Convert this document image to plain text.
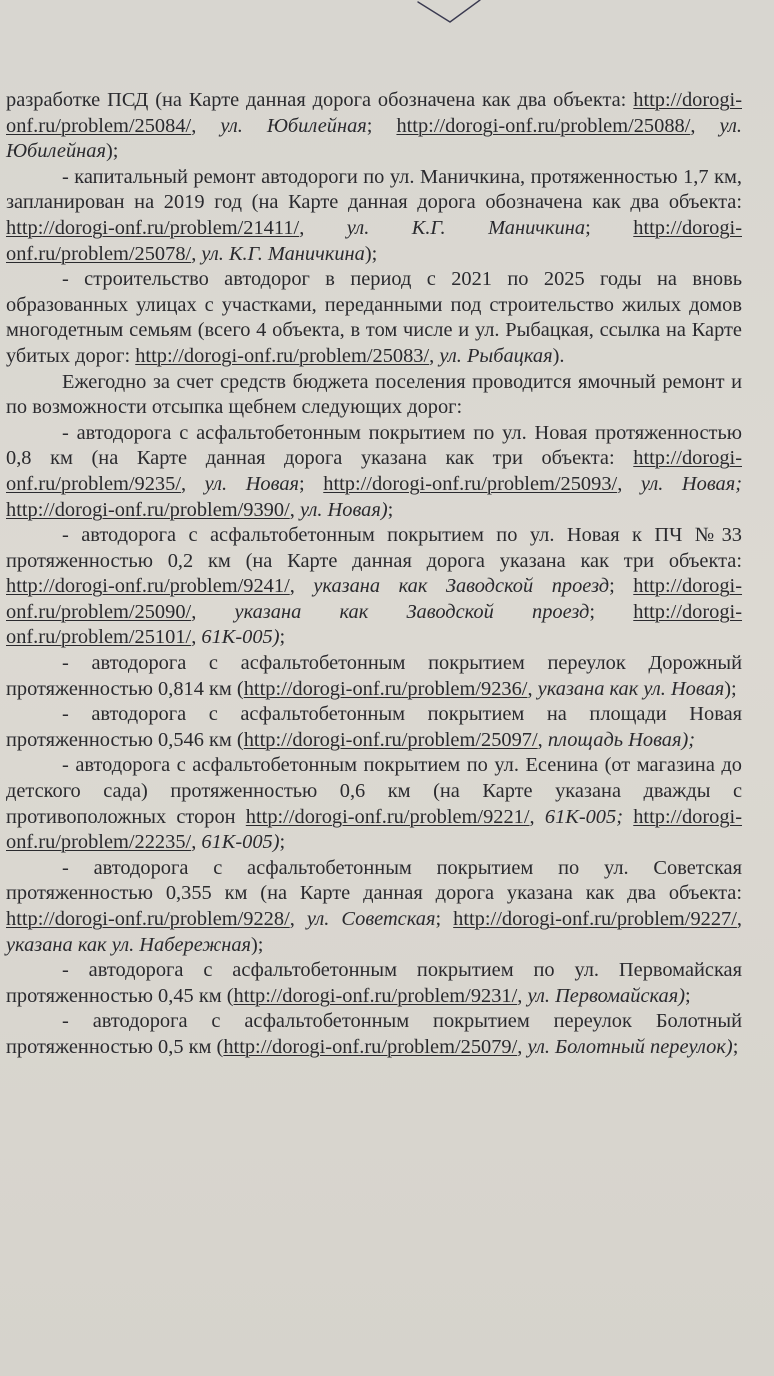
разработке ПСД (на Карте данная дорога обозначена как два объекта: http://dorogi-onf.ru/problem/25084/, ул. Юбилейная; http://dorogi-onf.ru/problem/25088/, ул. Юбилейная);

- капитальный ремонт автодороги по ул. Маничкина, протяженностью 1,7 км, запланирован на 2019 год (на Карте данная дорога обозначена как два объекта: http://dorogi-onf.ru/problem/21411/, ул. К.Г. Маничкина; http://dorogi-onf.ru/problem/25078/, ул. К.Г. Маничкина);

- строительство автодорог в период с 2021 по 2025 годы на вновь образованных улицах с участками, переданными под строительство жилых домов многодетным семьям (всего 4 объекта, в том числе и ул. Рыбацкая, ссылка на Карте убитых дорог: http://dorogi-onf.ru/problem/25083/, ул. Рыбацкая).

Ежегодно за счет средств бюджета поселения проводится ямочный ремонт и по возможности отсыпка щебнем следующих дорог:

- автодорога с асфальтобетонным покрытием по ул. Новая протяженностью 0,8 км (на Карте данная дорога указана как три объекта: http://dorogi-onf.ru/problem/9235/, ул. Новая; http://dorogi-onf.ru/problem/25093/, ул. Новая; http://dorogi-onf.ru/problem/9390/, ул. Новая);

- автодорога с асфальтобетонным покрытием по ул. Новая к ПЧ №33 протяженностью 0,2 км (на Карте данная дорога указана как три объекта: http://dorogi-onf.ru/problem/9241/, указана как Заводской проезд; http://dorogi-onf.ru/problem/25090/, указана как Заводской проезд; http://dorogi-onf.ru/problem/25101/, 61К-005);

- автодорога с асфальтобетонным покрытием переулок Дорожный протяженностью 0,814 км (http://dorogi-onf.ru/problem/9236/, указана как ул. Новая);

- автодорога с асфальтобетонным покрытием на площади Новая протяженностью 0,546 км (http://dorogi-onf.ru/problem/25097/, площадь Новая);

- автодорога с асфальтобетонным покрытием по ул. Есенина (от магазина до детского сада) протяженностью 0,6 км (на Карте указана дважды с противоположных сторон http://dorogi-onf.ru/problem/9221/, 61К-005; http://dorogi-onf.ru/problem/22235/, 61К-005);

- автодорога с асфальтобетонным покрытием по ул. Советская протяженностью 0,355 км (на Карте данная дорога указана как два объекта: http://dorogi-onf.ru/problem/9228/, ул. Советская; http://dorogi-onf.ru/problem/9227/, указана как ул. Набережная);

- автодорога с асфальтобетонным покрытием по ул. Первомайская протяженностью 0,45 км (http://dorogi-onf.ru/problem/9231/, ул. Первомайская);

- автодорога с асфальтобетонным покрытием переулок Болотный протяженностью 0,5 км (http://dorogi-onf.ru/problem/25079/, ул. Болотный переулок);
